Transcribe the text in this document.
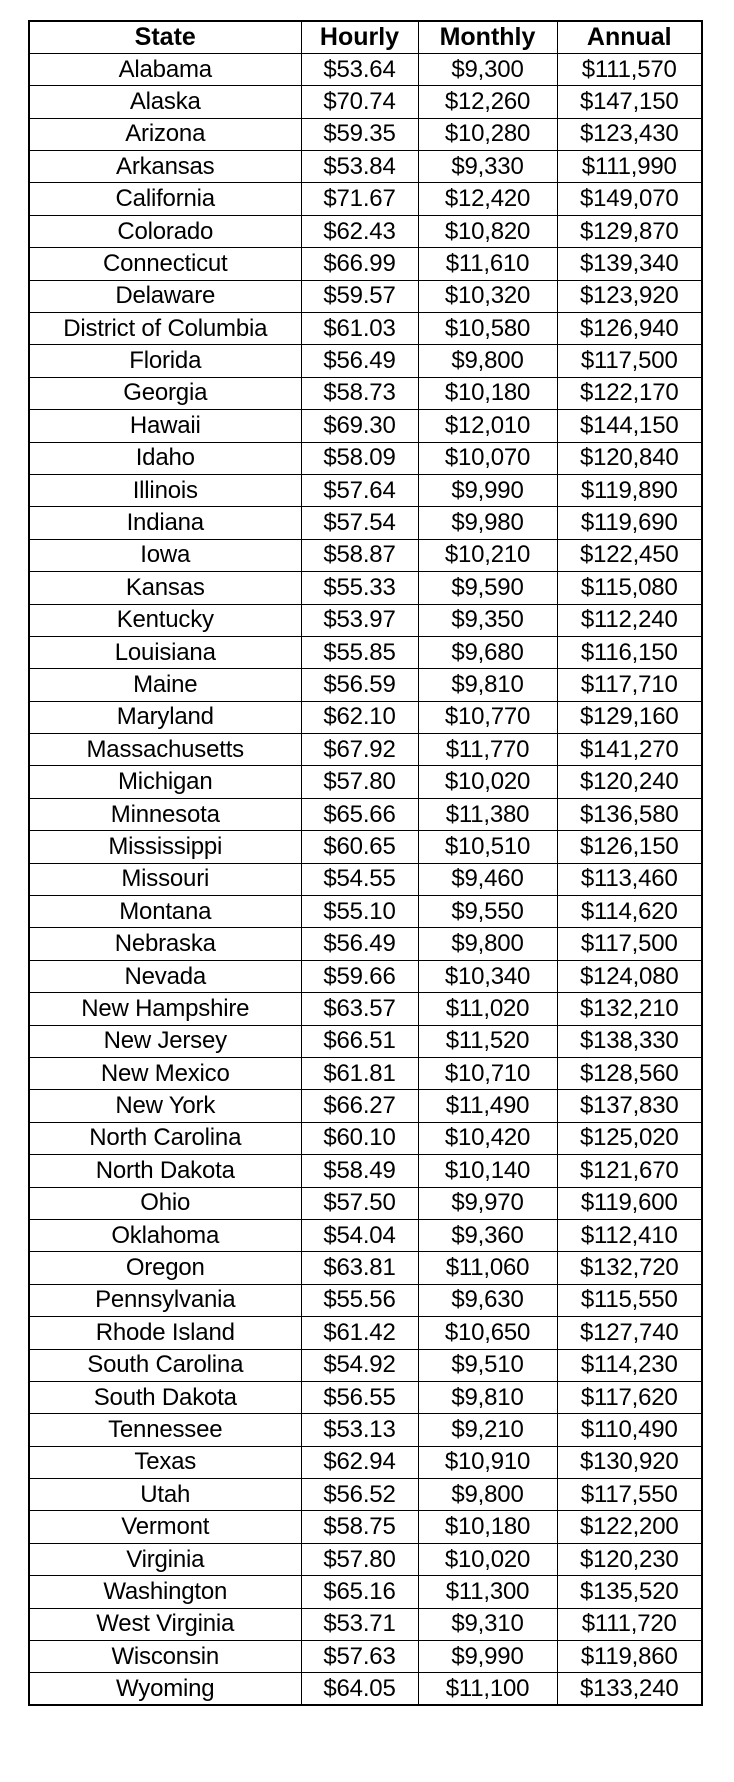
State	Hourly	Monthly	Annual
Alabama	$53.64	$9,300	$111,570
Alaska	$70.74	$12,260	$147,150
Arizona	$59.35	$10,280	$123,430
Arkansas	$53.84	$9,330	$111,990
California	$71.67	$12,420	$149,070
Colorado	$62.43	$10,820	$129,870
Connecticut	$66.99	$11,610	$139,340
Delaware	$59.57	$10,320	$123,920
District of Columbia	$61.03	$10,580	$126,940
Florida	$56.49	$9,800	$117,500
Georgia	$58.73	$10,180	$122,170
Hawaii	$69.30	$12,010	$144,150
Idaho	$58.09	$10,070	$120,840
Illinois	$57.64	$9,990	$119,890
Indiana	$57.54	$9,980	$119,690
Iowa	$58.87	$10,210	$122,450
Kansas	$55.33	$9,590	$115,080
Kentucky	$53.97	$9,350	$112,240
Louisiana	$55.85	$9,680	$116,150
Maine	$56.59	$9,810	$117,710
Maryland	$62.10	$10,770	$129,160
Massachusetts	$67.92	$11,770	$141,270
Michigan	$57.80	$10,020	$120,240
Minnesota	$65.66	$11,380	$136,580
Mississippi	$60.65	$10,510	$126,150
Missouri	$54.55	$9,460	$113,460
Montana	$55.10	$9,550	$114,620
Nebraska	$56.49	$9,800	$117,500
Nevada	$59.66	$10,340	$124,080
New Hampshire	$63.57	$11,020	$132,210
New Jersey	$66.51	$11,520	$138,330
New Mexico	$61.81	$10,710	$128,560
New York	$66.27	$11,490	$137,830
North Carolina	$60.10	$10,420	$125,020
North Dakota	$58.49	$10,140	$121,670
Ohio	$57.50	$9,970	$119,600
Oklahoma	$54.04	$9,360	$112,410
Oregon	$63.81	$11,060	$132,720
Pennsylvania	$55.56	$9,630	$115,550
Rhode Island	$61.42	$10,650	$127,740
South Carolina	$54.92	$9,510	$114,230
South Dakota	$56.55	$9,810	$117,620
Tennessee	$53.13	$9,210	$110,490
Texas	$62.94	$10,910	$130,920
Utah	$56.52	$9,800	$117,550
Vermont	$58.75	$10,180	$122,200
Virginia	$57.80	$10,020	$120,230
Washington	$65.16	$11,300	$135,520
West Virginia	$53.71	$9,310	$111,720
Wisconsin	$57.63	$9,990	$119,860
Wyoming	$64.05	$11,100	$133,240
